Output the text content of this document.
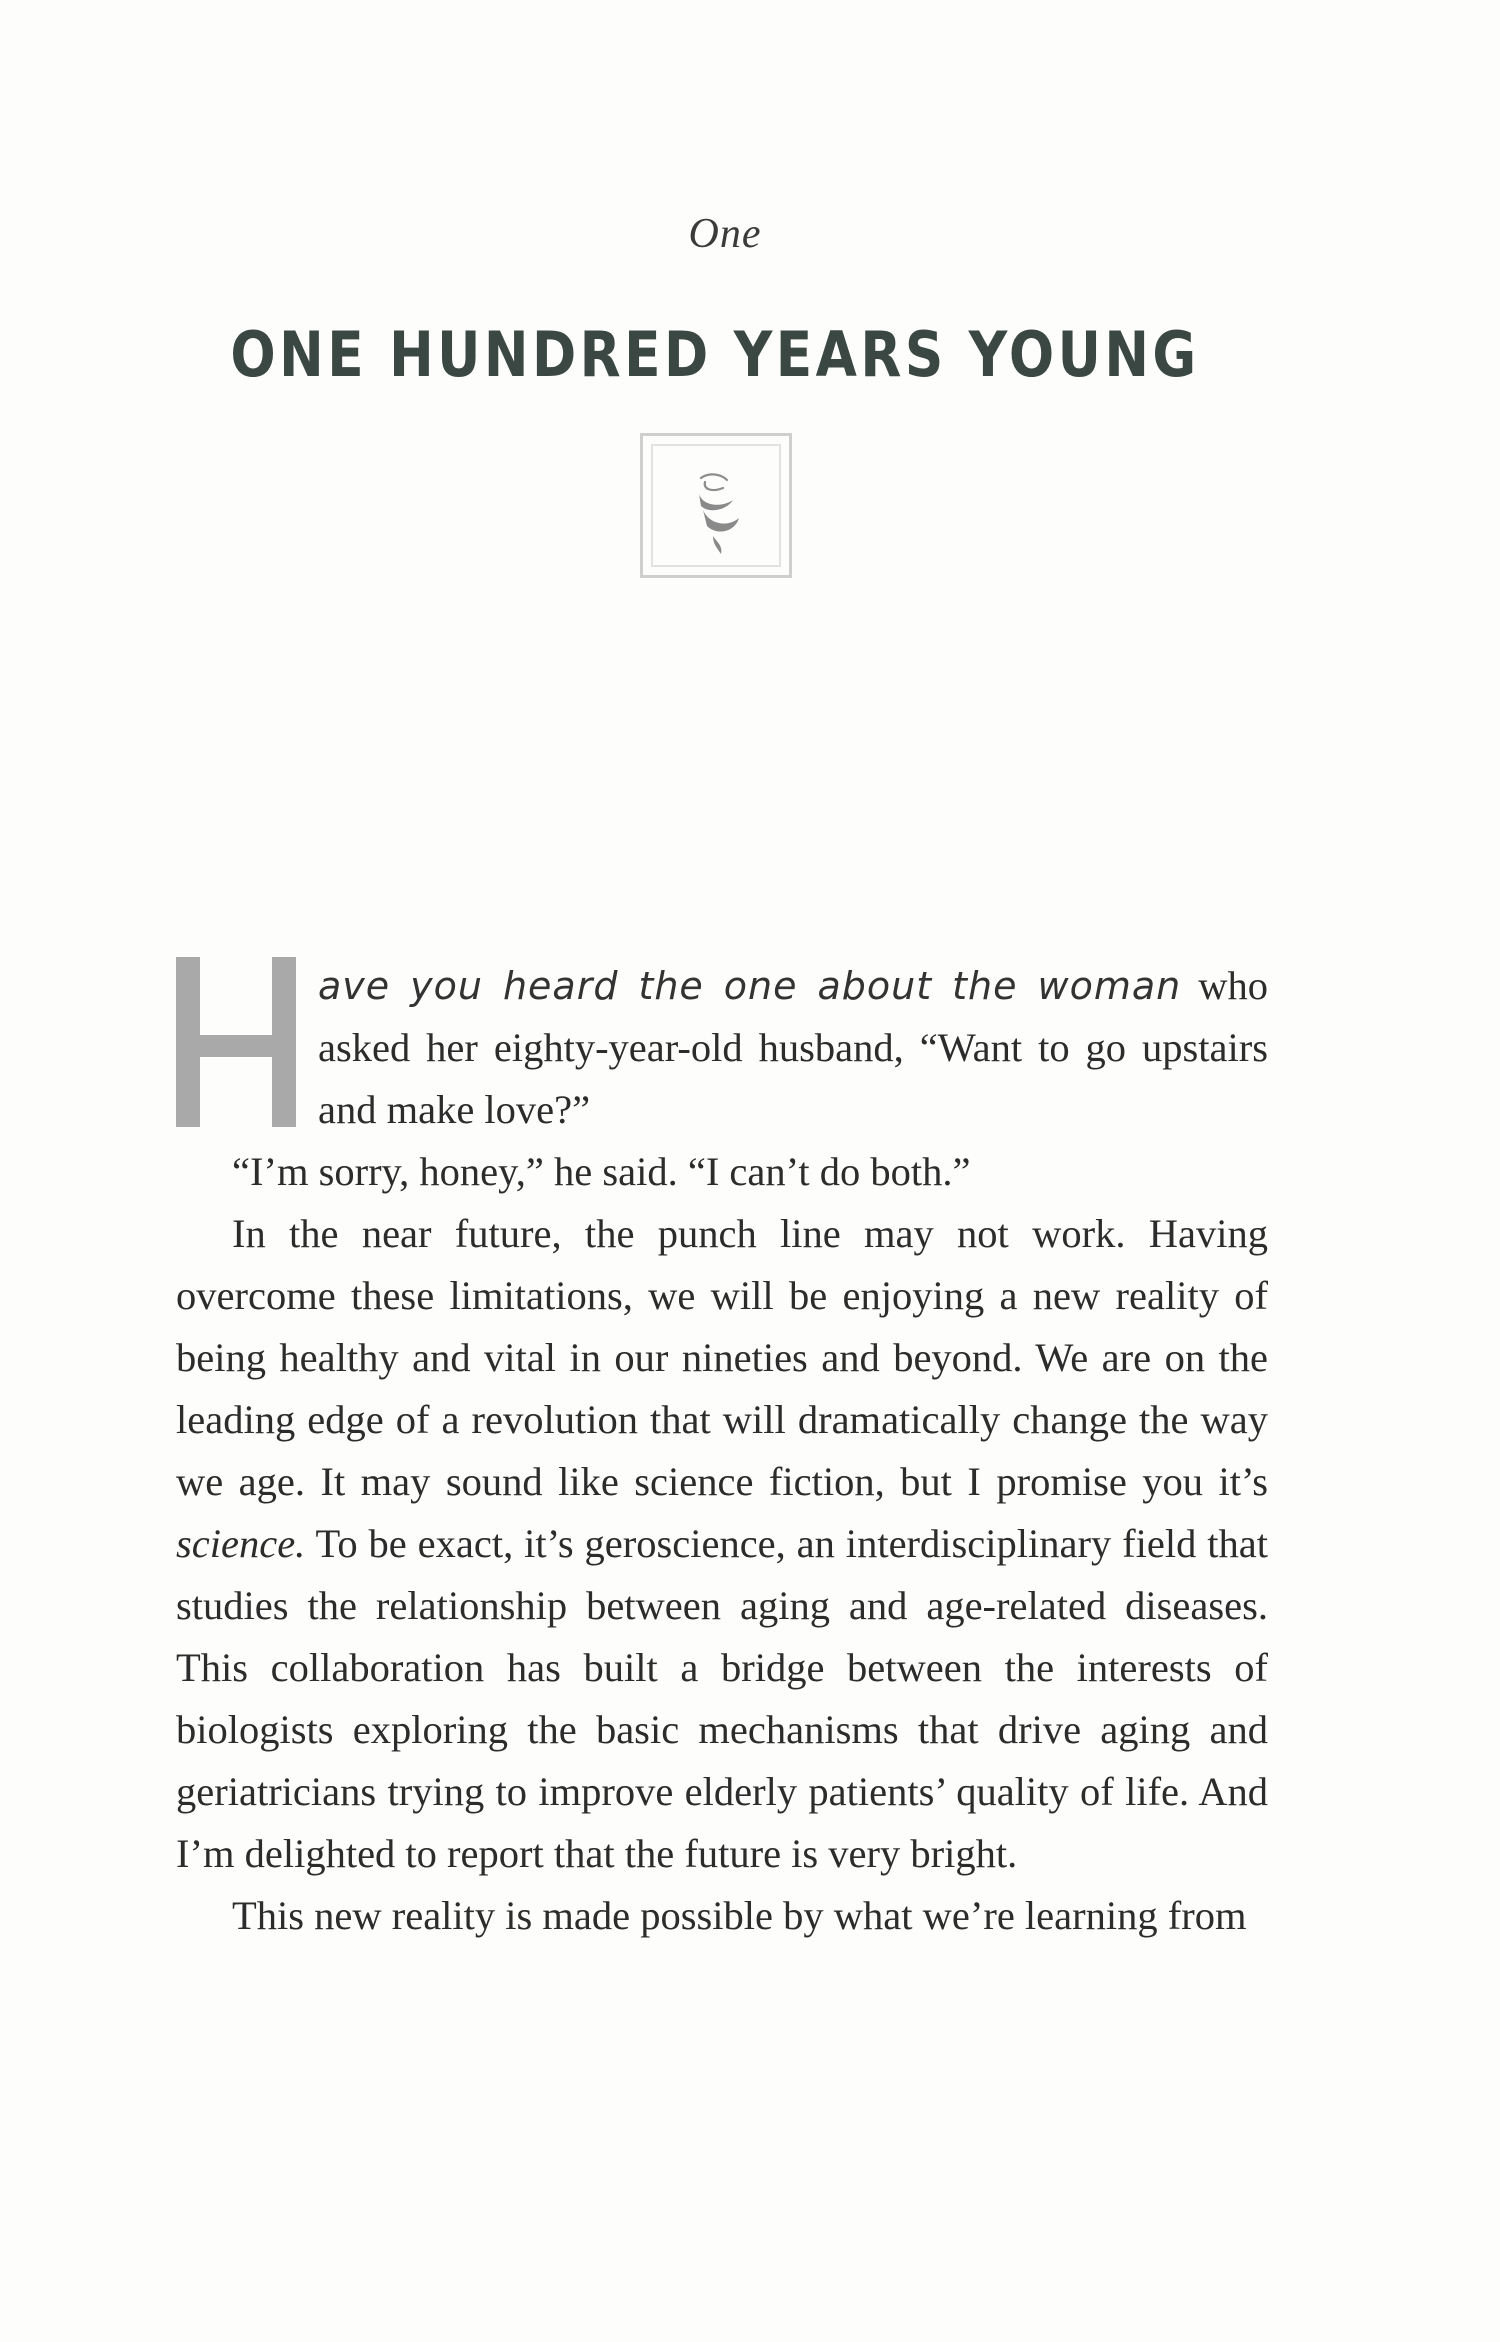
One
ONE HUNDRED YEARS YOUNG

ave you heard the one about the woman who asked her eighty-year-old husband, “Want to go upstairs and make love?”

“I’m sorry, honey,” he said. “I can’t do both.”

In the near future, the punch line may not work. Having overcome these limitations, we will be enjoying a new reality of being healthy and vital in our nineties and beyond. We are on the leading edge of a revolution that will dramatically change the way we age. It may sound like science fiction, but I promise you it’s science. To be exact, it’s geroscience, an interdisciplinary field that studies the relationship between aging and age-related diseases. This collaboration has built a bridge between the interests of biologists exploring the basic mechanisms that drive aging and geriatricians trying to improve elderly patients’ quality of life. And I’m delighted to report that the future is very bright.

This new reality is made possible by what we’re learning from
